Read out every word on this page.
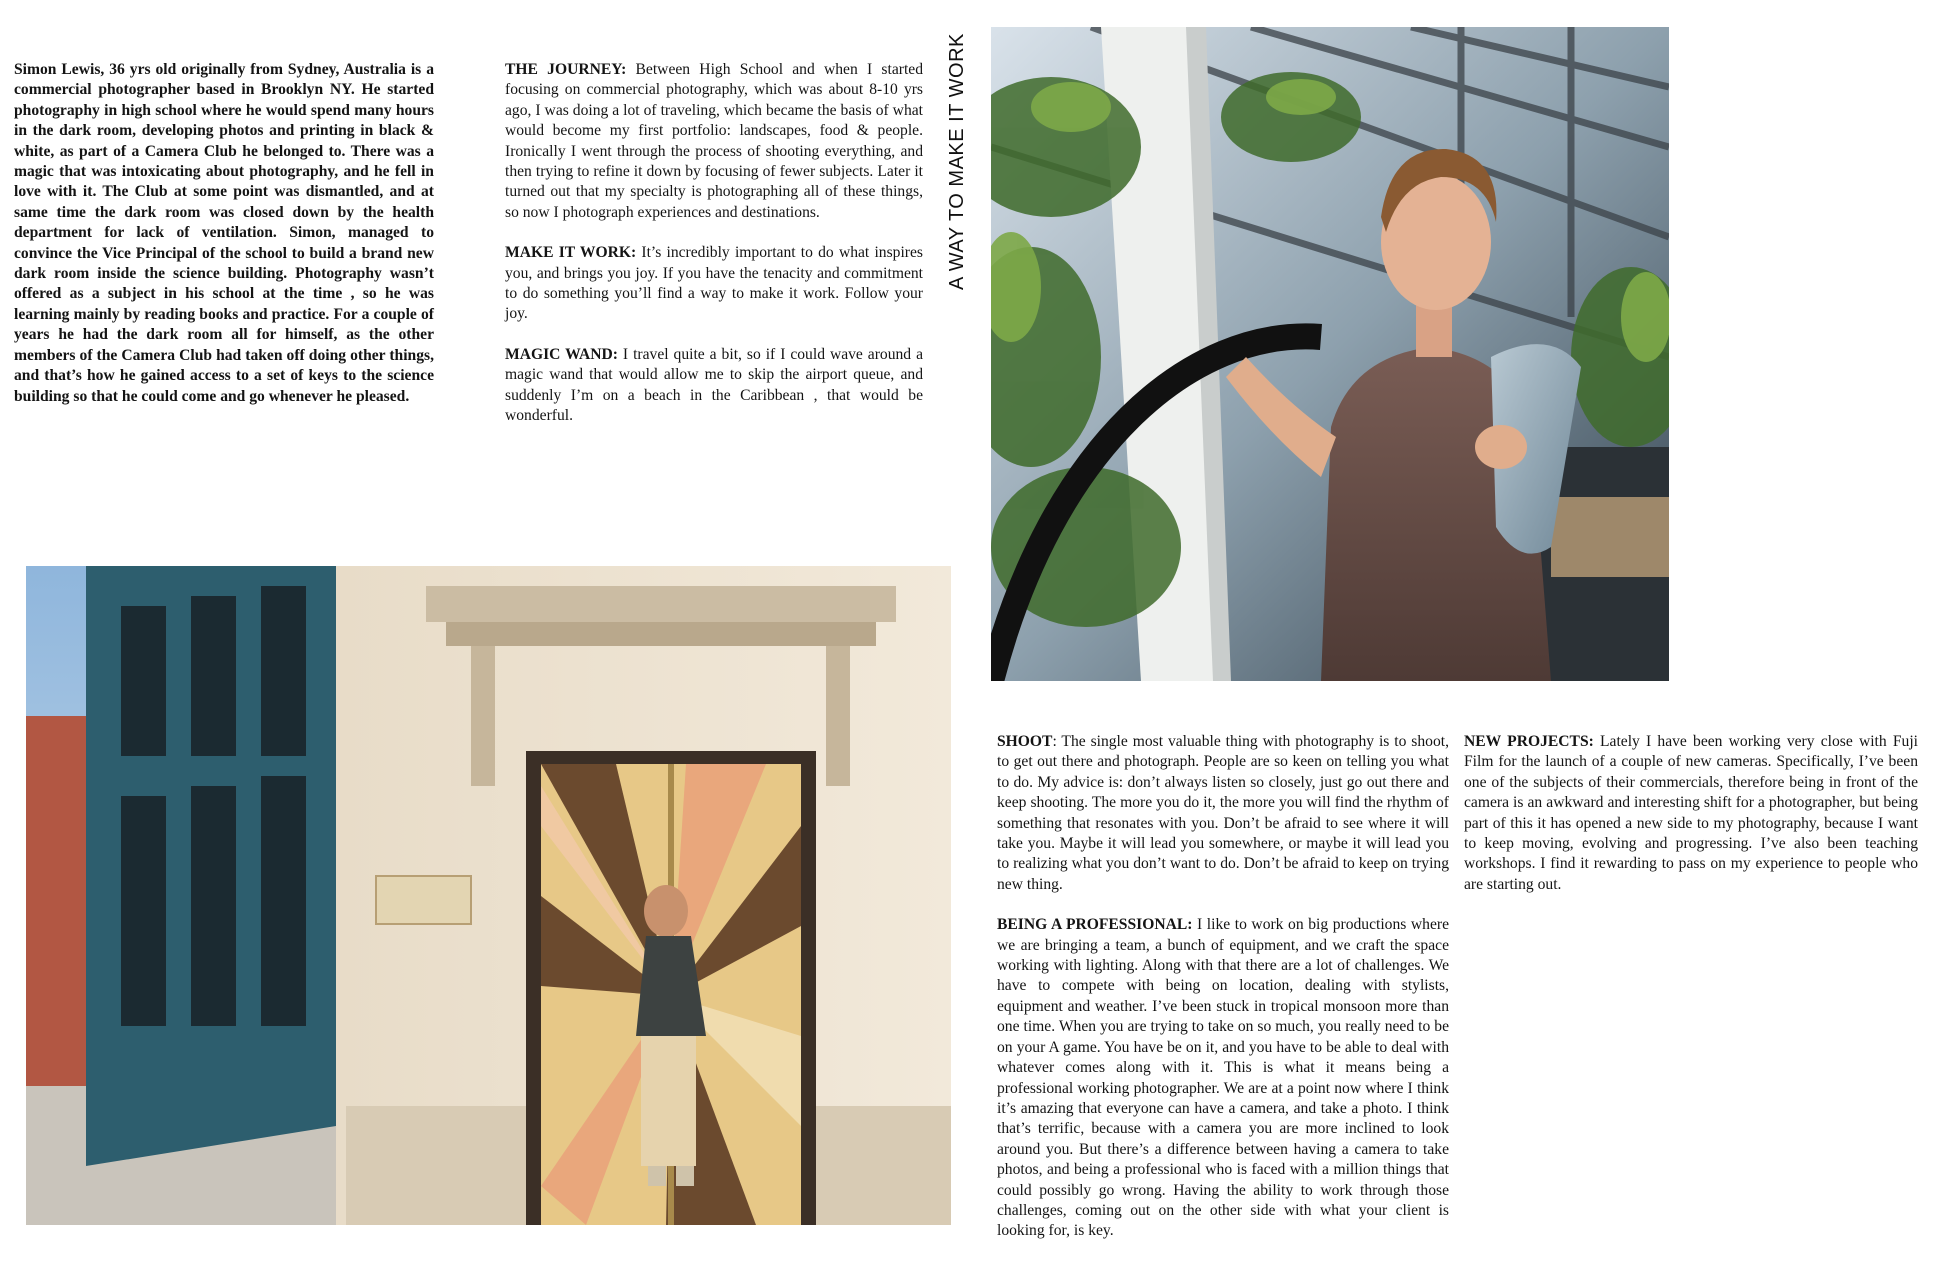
A WAY TO MAKE IT WORK

Simon Lewis, 36 yrs old originally from Sydney, Australia is a commercial photographer based in Brooklyn NY. He started photography in high school where he would spend many hours in the dark room, developing photos and printing in black & white, as part of a Camera Club he belonged to. There was a magic that was intoxicating about photography, and he fell in love with it. The Club at some point was dismantled, and at same time the dark room was closed down by the health department for lack of ventilation. Simon, managed to convince the Vice Principal of the school to build a brand new dark room inside the science building. Photography wasn’t offered as a subject in his school at the time , so he was learning mainly by reading books and practice. For a couple of years he had the dark room all for himself, as the other members of the Camera Club had taken off doing other things, and that’s how he gained access to a set of keys to the science building so that he could come and go whenever he pleased.

THE JOURNEY: Between High School and when I started focusing on commercial photography, which was about 8-10 yrs ago, I was doing a lot of traveling, which became the basis of what would become my first portfolio: landscapes, food & people. Ironically I went through the process of shooting everything, and then trying to refine it down by focusing of fewer subjects. Later it turned out that my specialty is photographing all of these things, so now I photograph experiences and destinations.

MAKE IT WORK: It’s incredibly important to do what inspires you, and brings you joy. If you have the tenacity and commitment to do something you’ll find a way to make it work. Follow your joy.

MAGIC WAND: I travel quite a bit, so if I could wave around a magic wand that would allow me to skip the airport queue, and suddenly I’m on a beach in the Caribbean , that would be wonderful.

SHOOT: The single most valuable thing with photography is to shoot, to get out there and photograph. People are so keen on telling you what to do. My advice is: don’t always listen so closely, just go out there and keep shooting. The more you do it, the more you will find the rhythm of something that resonates with you. Don’t be afraid to see where it will take you. Maybe it will lead you somewhere, or maybe it will lead you to realizing what you don’t want to do. Don’t be afraid to keep on trying new thing.

BEING A PROFESSIONAL: I like to work on big productions where we are bringing a team, a bunch of equipment, and we craft the space working with lighting. Along with that there are a lot of challenges. We have to compete with being on location, dealing with stylists, equipment and weather. I’ve been stuck in tropical monsoon more than one time. When you are trying to take on so much, you really need to be on your A game. You have be on it, and you have to be able to deal with whatever comes along with it. This is what it means being a professional working photographer. We are at a point now where I think it’s amazing that everyone can have a camera, and take a photo. I think that’s terrific, because with a camera you are more inclined to look around you. But there’s a difference between having a camera to take photos, and being a professional who is faced with a million things that could possibly go wrong. Having the ability to work through those challenges, coming out on the other side with what your client is looking for, is key.

NEW PROJECTS: Lately I have been working very close with Fuji Film for the launch of a couple of new cameras. Specifically, I’ve been one of the subjects of their commercials, therefore being in front of the camera is an awkward and interesting shift for a photographer, but being part of this it has opened a new side to my photography, because I want to keep moving, evolving and progressing. I’ve also been teaching workshops. I find it rewarding to pass on my experience to people who are starting out.
